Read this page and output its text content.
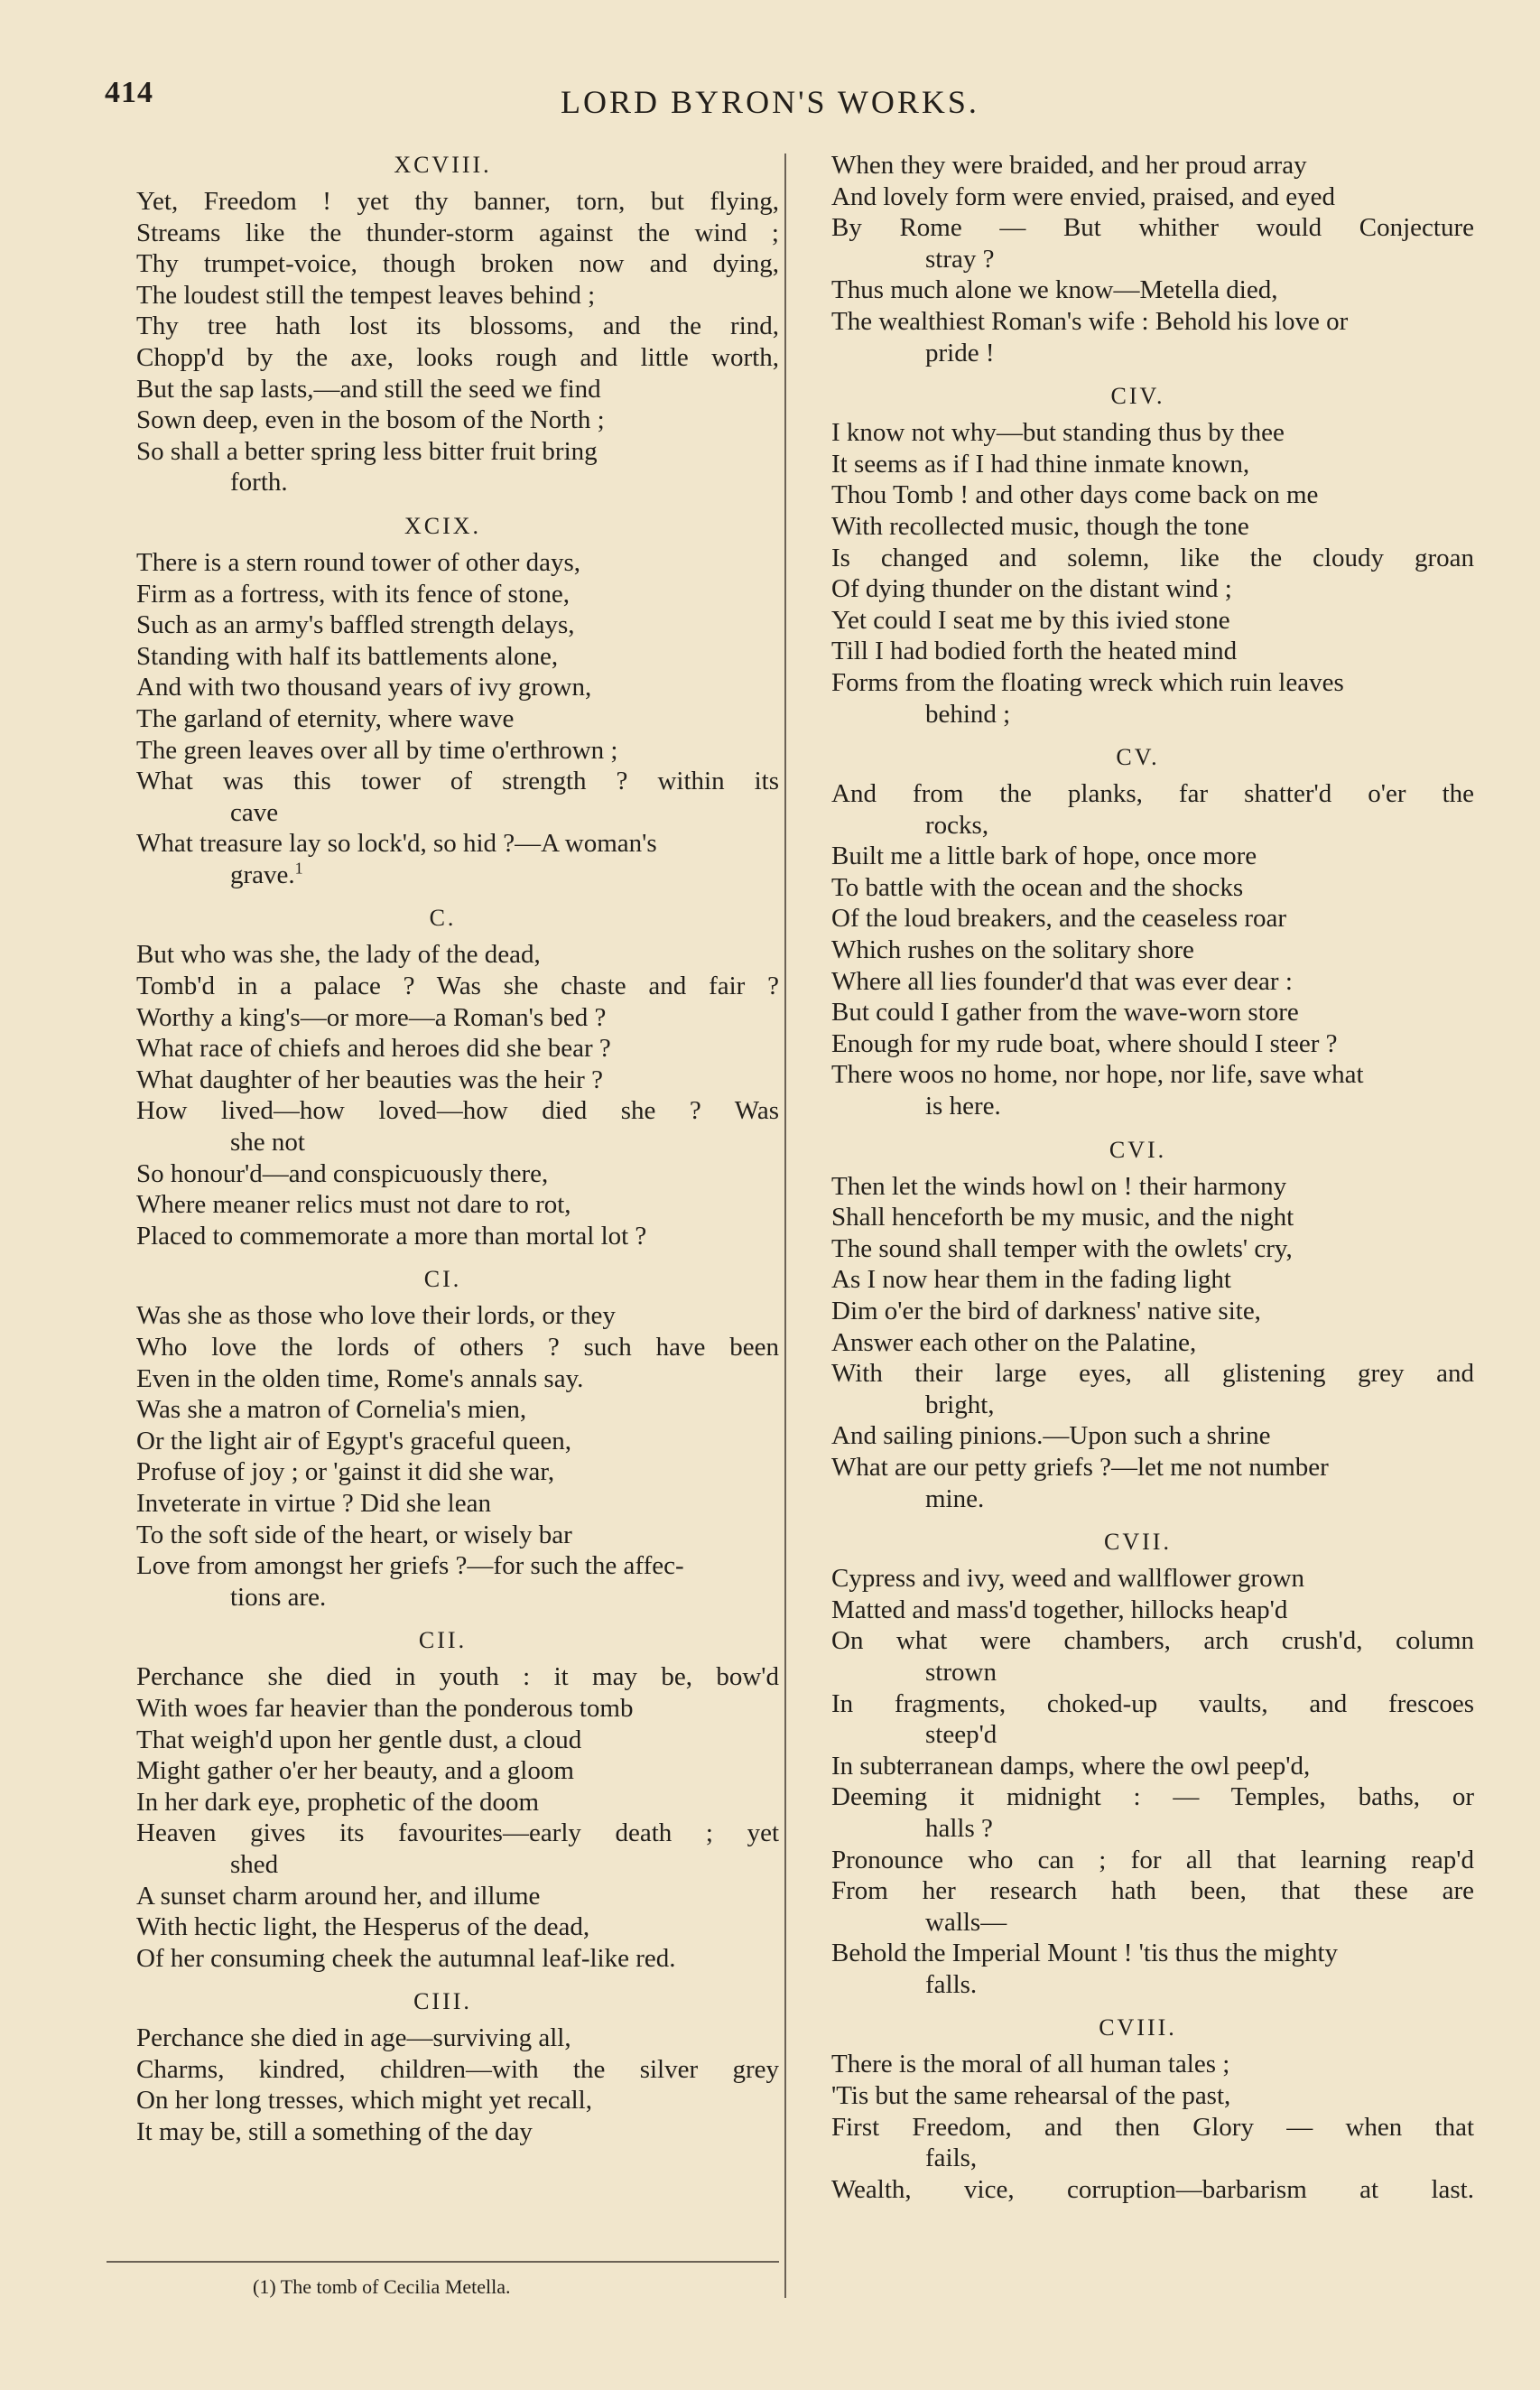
414	LORD BYRON'S WORKS.
XCVIII.
Yet, Freedom ! yet thy banner, torn, but flying,
Streams like the thunder-storm against the wind ;
Thy trumpet-voice, though broken now and dying,
The loudest still the tempest leaves behind ;
Thy tree hath lost its blossoms, and the rind,
Chopp'd by the axe, looks rough and little worth,
But the sap lasts,—and still the seed we find
Sown deep, even in the bosom of the North ;
So shall a better spring less bitter fruit bring
forth.
XCIX.
There is a stern round tower of other days,
Firm as a fortress, with its fence of stone,
Such as an army's baffled strength delays,
Standing with half its battlements alone,
And with two thousand years of ivy grown,
The garland of eternity, where wave
The green leaves over all by time o'erthrown ;
What was this tower of strength ? within its
cave
What treasure lay so lock'd, so hid ?—A woman's
grave.$^1$
C.
But who was she, the lady of the dead,
Tomb'd in a palace ? Was she chaste and fair ?
Worthy a king's—or more—a Roman's bed ?
What race of chiefs and heroes did she bear ?
What daughter of her beauties was the heir ?
How lived—how loved—how died she ? Was
she not
So honour'd—and conspicuously there,
Where meaner relics must not dare to rot,
Placed to commemorate a more than mortal lot ?
CI.
Was she as those who love their lords, or they
Who love the lords of others ? such have been
Even in the olden time, Rome's annals say.
Was she a matron of Cornelia's mien,
Or the light air of Egypt's graceful queen,
Profuse of joy ; or 'gainst it did she war,
Inveterate in virtue ? Did she lean
To the soft side of the heart, or wisely bar
Love from amongst her griefs ?—for such the affec-
tions are.
CII.
Perchance she died in youth : it may be, bow'd
With woes far heavier than the ponderous tomb
That weigh'd upon her gentle dust, a cloud
Might gather o'er her beauty, and a gloom
In her dark eye, prophetic of the doom
Heaven gives its favourites—early death ; yet
shed
A sunset charm around her, and illume
With hectic light, the Hesperus of the dead,
Of her consuming cheek the autumnal leaf-like red.
CIII.
Perchance she died in age—surviving all,
Charms, kindred, children—with the silver grey
On her long tresses, which might yet recall,
It may be, still a something of the day
When they were braided, and her proud array
And lovely form were envied, praised, and eyed
By Rome — But whither would Conjecture
stray ?
Thus much alone we know—Metella died,
The wealthiest Roman's wife : Behold his love or
pride !
CIV.
I know not why—but standing thus by thee
It seems as if I had thine inmate known,
Thou Tomb ! and other days come back on me
With recollected music, though the tone
Is changed and solemn, like the cloudy groan
Of dying thunder on the distant wind ;
Yet could I seat me by this ivied stone
Till I had bodied forth the heated mind
Forms from the floating wreck which ruin leaves
behind ;
CV.
And from the planks, far shatter'd o'er the
rocks,
Built me a little bark of hope, once more
To battle with the ocean and the shocks
Of the loud breakers, and the ceaseless roar
Which rushes on the solitary shore
Where all lies founder'd that was ever dear :
But could I gather from the wave-worn store
Enough for my rude boat, where should I steer ?
There woos no home, nor hope, nor life, save what
is here.
CVI.
Then let the winds howl on ! their harmony
Shall henceforth be my music, and the night
The sound shall temper with the owlets' cry,
As I now hear them in the fading light
Dim o'er the bird of darkness' native site,
Answer each other on the Palatine,
With their large eyes, all glistening grey and
bright,
And sailing pinions.—Upon such a shrine
What are our petty griefs ?—let me not number
mine.
CVII.
Cypress and ivy, weed and wallflower grown
Matted and mass'd together, hillocks heap'd
On what were chambers, arch crush'd, column
strown
In fragments, choked-up vaults, and frescoes
steep'd
In subterranean damps, where the owl peep'd,
Deeming it midnight : — Temples, baths, or
halls ?
Pronounce who can ; for all that learning reap'd
From her research hath been, that these are
walls—
Behold the Imperial Mount ! 'tis thus the mighty
falls.
CVIII.
There is the moral of all human tales ;
'Tis but the same rehearsal of the past,
First Freedom, and then Glory — when that
fails,
Wealth, vice, corruption—barbarism at last.
(1) The tomb of Cecilia Metella.
